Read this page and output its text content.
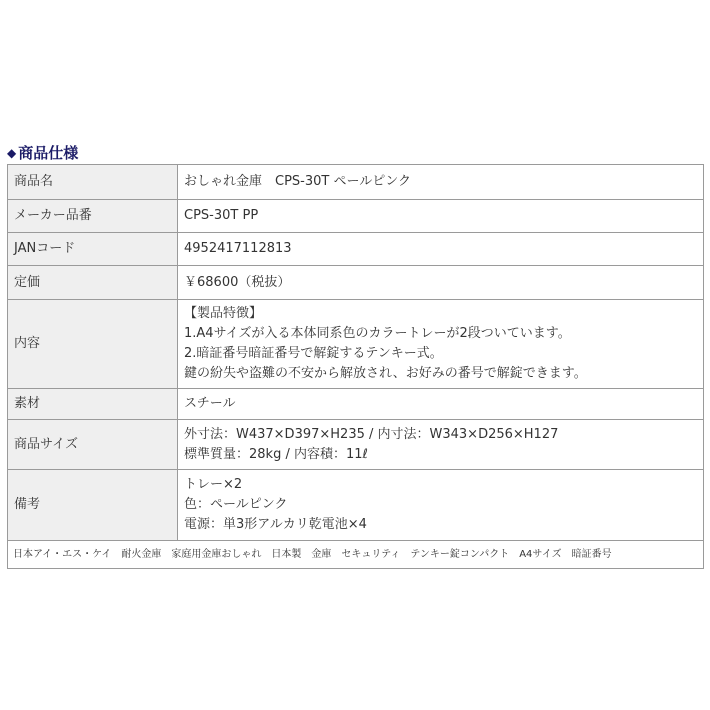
◆ 商品仕様
商品名	おしゃれ金庫　CPS-30T ペールピンク

メーカー品番	CPS-30T PP

JANコード	4952417112813

定価	￥68600（税抜）

内容	【製品特徴】
1.A4サイズが入る本体同系色のカラートレーが2段ついています。
2.暗証番号暗証番号で解錠するテンキー式。
鍵の紛失や盗難の不安から解放され、お好みの番号で解錠できます。

素材	スチール

商品サイズ	外寸法：W437×D397×H235 / 内寸法：W343×D256×H127
標準質量：28kg / 内容積：11ℓ

備考	トレー×2
色：ペールピンク
電源：単3形アルカリ乾電池×4

日本アイ・エス・ケイ　耐火金庫　家庭用金庫おしゃれ　日本製　金庫　セキュリティ　テンキー錠コンパクト　A4サイズ　暗証番号	
